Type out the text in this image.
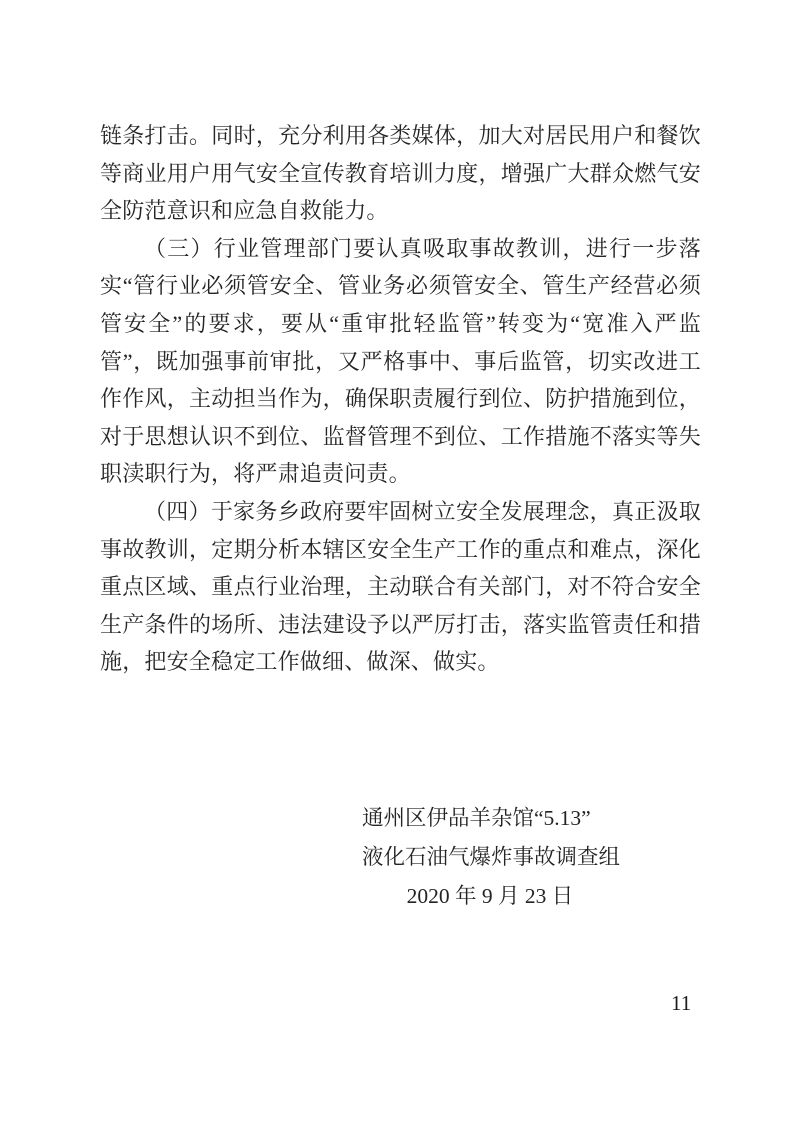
链条打击。同时，充分利用各类媒体，加大对居民用户和餐饮等商业用户用气安全宣传教育培训力度，增强广大群众燃气安全防范意识和应急自救能力。

（三）行业管理部门要认真吸取事故教训，进行一步落实“管行业必须管安全、管业务必须管安全、管生产经营必须管安全”的要求，要从“重审批轻监管”转变为“宽准入严监管”，既加强事前审批，又严格事中、事后监管，切实改进工作作风，主动担当作为，确保职责履行到位、防护措施到位，对于思想认识不到位、监督管理不到位、工作措施不落实等失职渎职行为，将严肃追责问责。

（四）于家务乡政府要牢固树立安全发展理念，真正汲取事故教训，定期分析本辖区安全生产工作的重点和难点，深化重点区域、重点行业治理，主动联合有关部门，对不符合安全生产条件的场所、违法建设予以严厉打击，落实监管责任和措施，把安全稳定工作做细、做深、做实。

通州区伊品羊杂馆“5.13”
液化石油气爆炸事故调查组
2020 年 9 月 23 日
11
